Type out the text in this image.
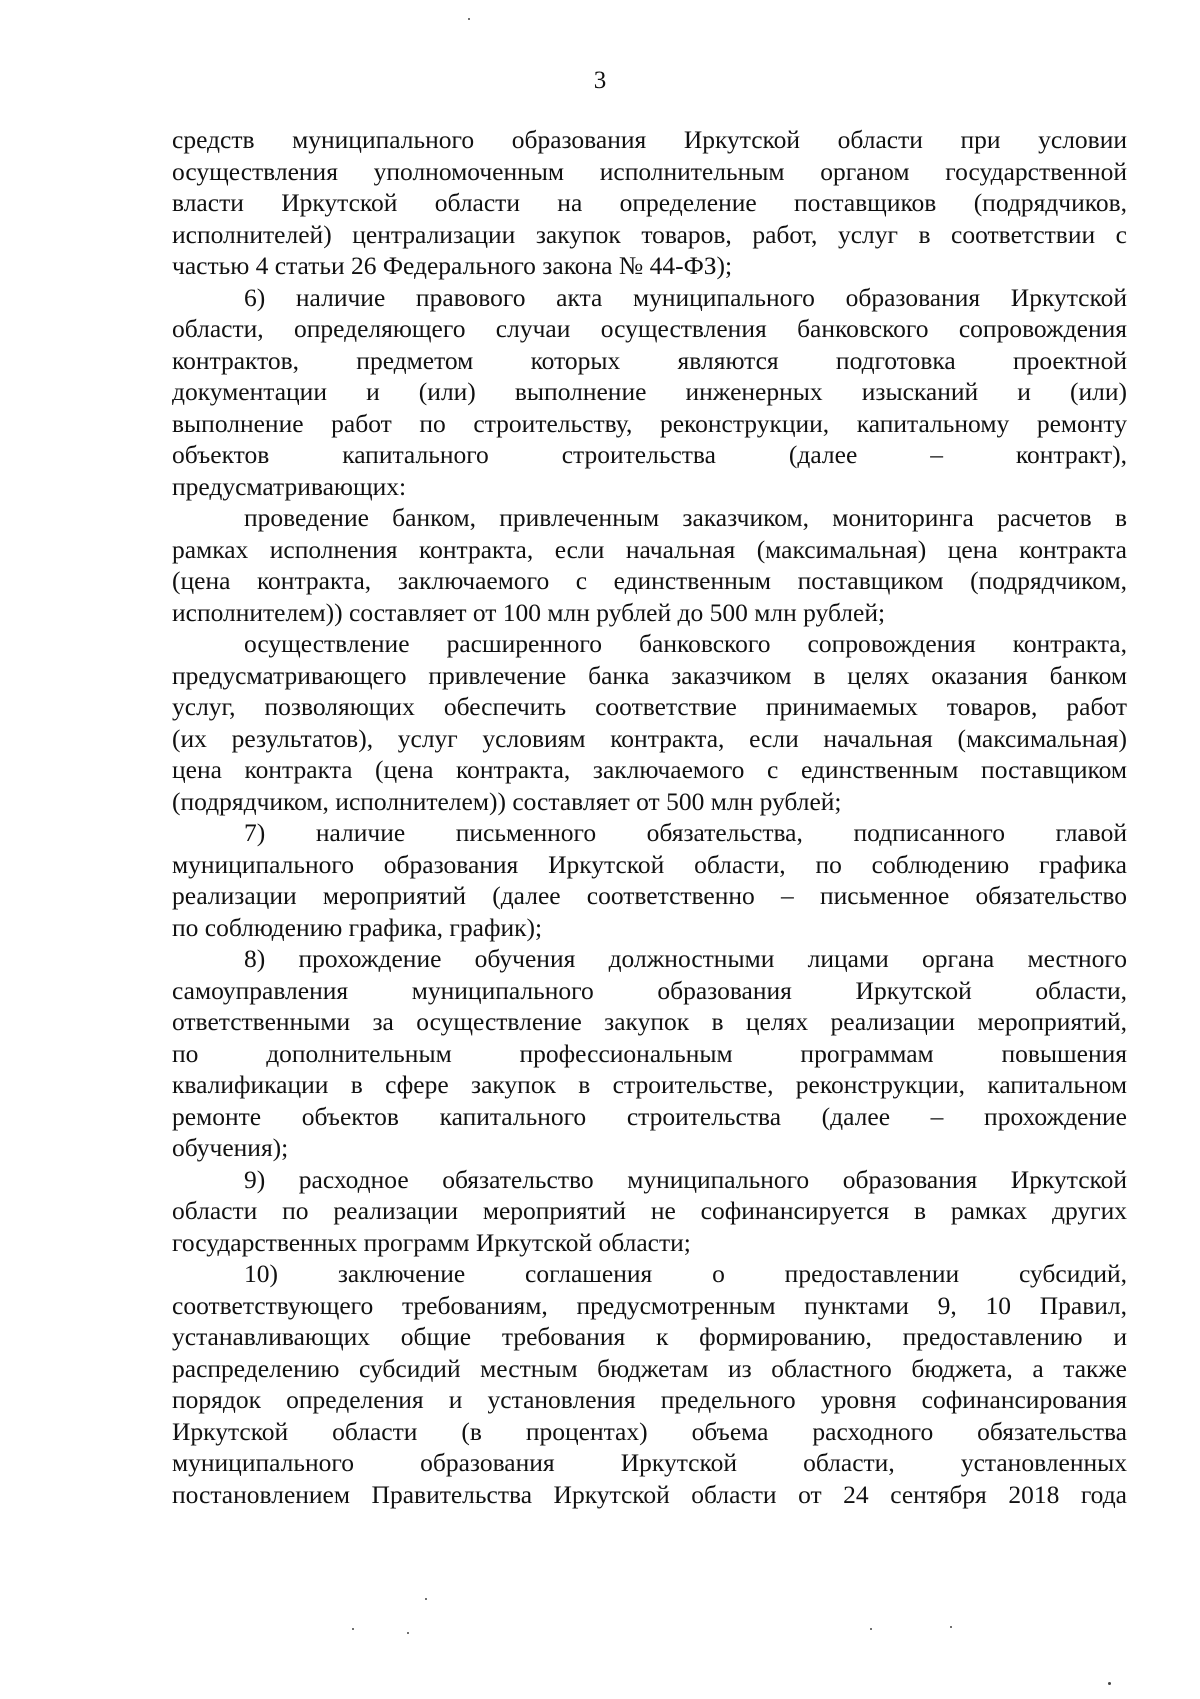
3
средств муниципального образования Иркутской области при условии
осуществления уполномоченным исполнительным органом государственной
власти Иркутской области на определение поставщиков (подрядчиков,
исполнителей) централизации закупок товаров, работ, услуг в соответствии с
частью 4 статьи 26 Федерального закона № 44-ФЗ);
6) наличие правового акта муниципального образования Иркутской
области, определяющего случаи осуществления банковского сопровождения
контрактов, предметом которых являются подготовка проектной
документации и (или) выполнение инженерных изысканий и (или)
выполнение работ по строительству, реконструкции, капитальному ремонту
объектов капитального строительства (далее – контракт),
предусматривающих:
проведение банком, привлеченным заказчиком, мониторинга расчетов в
рамках исполнения контракта, если начальная (максимальная) цена контракта
(цена контракта, заключаемого с единственным поставщиком (подрядчиком,
исполнителем)) составляет от 100 млн рублей до 500 млн рублей;
осуществление расширенного банковского сопровождения контракта,
предусматривающего привлечение банка заказчиком в целях оказания банком
услуг, позволяющих обеспечить соответствие принимаемых товаров, работ
(их результатов), услуг условиям контракта, если начальная (максимальная)
цена контракта (цена контракта, заключаемого с единственным поставщиком
(подрядчиком, исполнителем)) составляет от 500 млн рублей;
7) наличие письменного обязательства, подписанного главой
муниципального образования Иркутской области, по соблюдению графика
реализации мероприятий (далее соответственно – письменное обязательство
по соблюдению графика, график);
8) прохождение обучения должностными лицами органа местного
самоуправления муниципального образования Иркутской области,
ответственными за осуществление закупок в целях реализации мероприятий,
по дополнительным профессиональным программам повышения
квалификации в сфере закупок в строительстве, реконструкции, капитальном
ремонте объектов капитального строительства (далее – прохождение
обучения);
9) расходное обязательство муниципального образования Иркутской
области по реализации мероприятий не софинансируется в рамках других
государственных программ Иркутской области;
10) заключение соглашения о предоставлении субсидий,
соответствующего требованиям, предусмотренным пунктами 9, 10 Правил,
устанавливающих общие требования к формированию, предоставлению и
распределению субсидий местным бюджетам из областного бюджета, а также
порядок определения и установления предельного уровня софинансирования
Иркутской области (в процентах) объема расходного обязательства
муниципального образования Иркутской области, установленных
постановлением Правительства Иркутской области от 24 сентября 2018 года
